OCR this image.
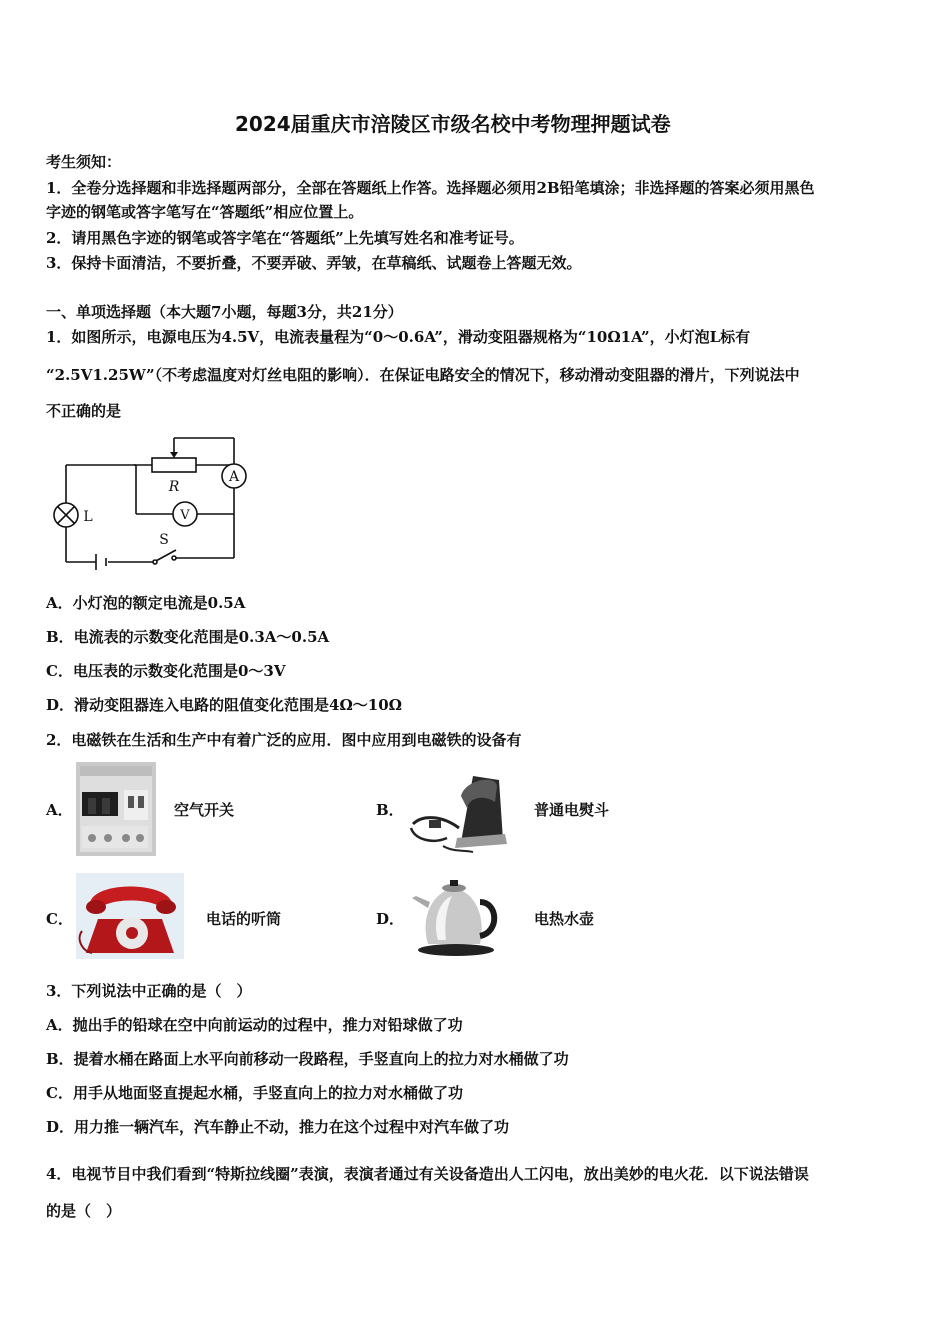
2024届重庆市涪陵区市级名校中考物理押题试卷
考生须知：
1．全卷分选择题和非选择题两部分，全部在答题纸上作答。选择题必须用2B铅笔填涂；非选择题的答案必须用黑色
字迹的钢笔或答字笔写在“答题纸”相应位置上。
2．请用黑色字迹的钢笔或答字笔在“答题纸”上先填写姓名和准考证号。
3．保持卡面清洁，不要折叠，不要弄破、弄皱，在草稿纸、试题卷上答题无效。
一、单项选择题（本大题7小题，每题3分，共21分）
1．如图所示，电源电压为4.5V，电流表量程为“0～0.6A”，滑动变阻器规格为“10Ω1A”，小灯泡L标有
“2.5V1.25W”（不考虑温度对灯丝电阻的影响）．在保证电路安全的情况下，移动滑动变阻器的滑片，下列说法中
不正确的是
R
A
V
L
S
A．小灯泡的额定电流是0.5A
B．电流表的示数变化范围是0.3A～0.5A
C．电压表的示数变化范围是0～3V
D．滑动变阻器连入电路的阻值变化范围是4Ω～10Ω
2．电磁铁在生活和生产中有着广泛的应用．图中应用到电磁铁的设备有
A．	空气开关	B．	普通电熨斗
C．	电话的听筒	D．	电热水壶
3．下列说法中正确的是（　）
A．抛出手的铅球在空中向前运动的过程中，推力对铅球做了功
B．提着水桶在路面上水平向前移动一段路程，手竖直向上的拉力对水桶做了功
C．用手从地面竖直提起水桶，手竖直向上的拉力对水桶做了功
D．用力推一辆汽车，汽车静止不动，推力在这个过程中对汽车做了功
4．电视节目中我们看到“特斯拉线圈”表演，表演者通过有关设备造出人工闪电，放出美妙的电火花．以下说法错误
的是（　）
